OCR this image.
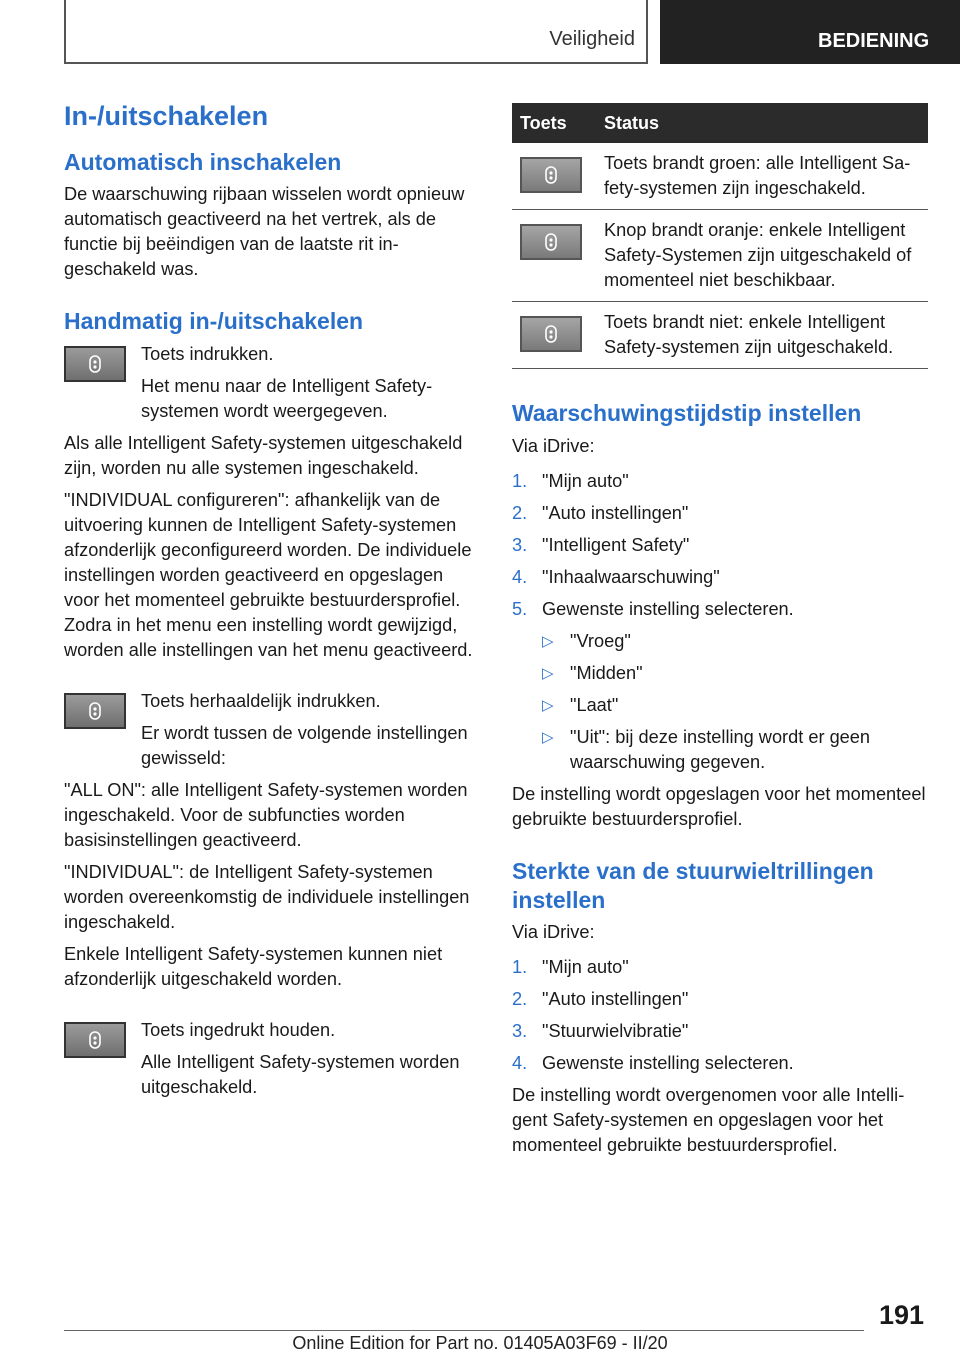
Veiligheid	BEDIENING
In-/uitschakelen
Automatisch inschakelen

De waarschuwing rijbaan wisselen wordt opnieuw automatisch geactiveerd na het vertrek, als de functie bij beëindigen van de laatste rit ingeschakeld was.

Handmatig in-/uitschakelen

Toets indrukken.

Het menu naar de Intelligent Safety-systemen wordt weergegeven.

Als alle Intelligent Safety-systemen uitgeschakeld zijn, worden nu alle systemen ingeschakeld.

"INDIVIDUAL configureren": afhankelijk van de uitvoering kunnen de Intelligent Safety-systemen afzonderlijk geconfigureerd worden. De individuele instellingen worden geactiveerd en opgeslagen voor het momenteel gebruikte bestuurdersprofiel. Zodra in het menu een instelling wordt gewijzigd, worden alle instellingen van het menu geactiveerd.

Toets herhaaldelijk indrukken.

Er wordt tussen de volgende instellingen gewisseld:

"ALL ON": alle Intelligent Safety-systemen worden ingeschakeld. Voor de subfuncties worden basisinstellingen geactiveerd.

"INDIVIDUAL": de Intelligent Safety-systemen worden overeenkomstig de individuele instellingen ingeschakeld.

Enkele Intelligent Safety-systemen kunnen niet afzonderlijk uitgeschakeld worden.

Toets ingedrukt houden.

Alle Intelligent Safety-systemen worden uitgeschakeld.

Toets	Status

	Toets brandt groen: alle Intelligent Safety-systemen zijn ingeschakeld.

	Knop brandt oranje: enkele Intelligent Safety-Systemen zijn uitgeschakeld of momenteel niet beschikbaar.

	Toets brandt niet: enkele Intelligent Safety-systemen zijn uitgeschakeld.
Waarschuwingstijdstip instellen

Via iDrive:

1. "Mijn auto"
2. "Auto instellingen"
3. "Intelligent Safety"
4. "Inhaalwaarschuwing"
5. Gewenste instelling selecteren.
▷ "Vroeg"
▷ "Midden"
▷ "Laat"
▷ "Uit": bij deze instelling wordt er geen waarschuwing gegeven.

De instelling wordt opgeslagen voor het momenteel gebruikte bestuurdersprofiel.

Sterkte van de stuurwieltrillingen instellen

Via iDrive:

1. "Mijn auto"
2. "Auto instellingen"
3. "Stuurwielvibratie"
4. Gewenste instelling selecteren.

De instelling wordt overgenomen voor alle Intelligent Safety-systemen en opgeslagen voor het momenteel gebruikte bestuurdersprofiel.

191
Online Edition for Part no. 01405A03F69 - II/20
